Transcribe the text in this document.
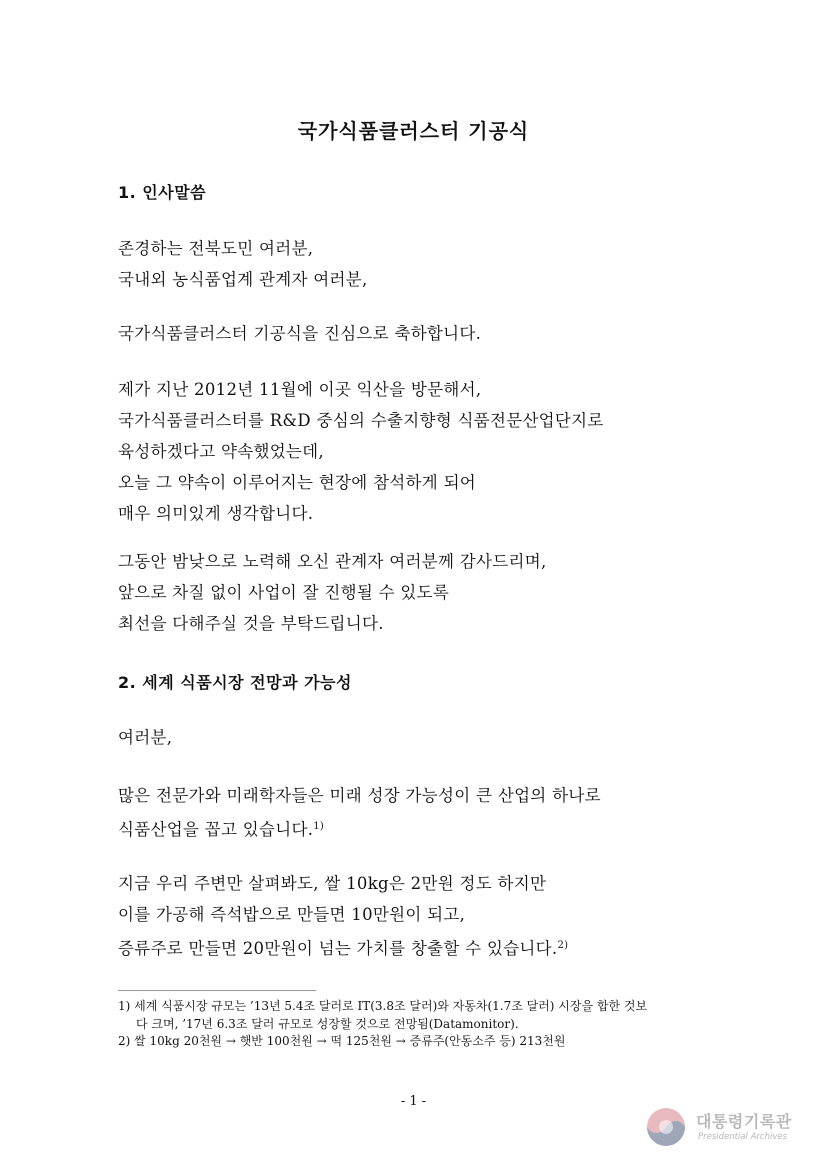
국가식품클러스터 기공식
1. 인사말씀
존경하는 전북도민 여러분,
국내외 농식품업계 관계자 여러분,
국가식품클러스터 기공식을 진심으로 축하합니다.
제가 지난 2012년 11월에 이곳 익산을 방문해서,
국가식품클러스터를 R&D 중심의 수출지향형 식품전문산업단지로
육성하겠다고 약속했었는데,
오늘 그 약속이 이루어지는 현장에 참석하게 되어
매우 의미있게 생각합니다.
그동안 밤낮으로 노력해 오신 관계자 여러분께 감사드리며,
앞으로 차질 없이 사업이 잘 진행될 수 있도록
최선을 다해주실 것을 부탁드립니다.
2. 세계 식품시장 전망과 가능성
여러분,
많은 전문가와 미래학자들은 미래 성장 가능성이 큰 산업의 하나로
식품산업을 꼽고 있습니다.$^{1)}$
지금 우리 주변만 살펴봐도, 쌀 10kg은 2만원 정도 하지만
이를 가공해 즉석밥으로 만들면 10만원이 되고,
증류주로 만들면 20만원이 넘는 가치를 창출할 수 있습니다.$^{2)}$
1) 세계 식품시장 규모는 ’13년 5.4조 달러로 IT(3.8조 달러)와 자동차(1.7조 달러) 시장을 합한 것보
다 크며, ’17년 6.3조 달러 규모로 성장할 것으로 전망됨(Datamonitor).
2) 쌀 10kg 20천원 → 햇반 100천원 → 떡 125천원 → 증류주(안동소주 등) 213천원
- 1 -
대통령기록관
Presidential Archives
